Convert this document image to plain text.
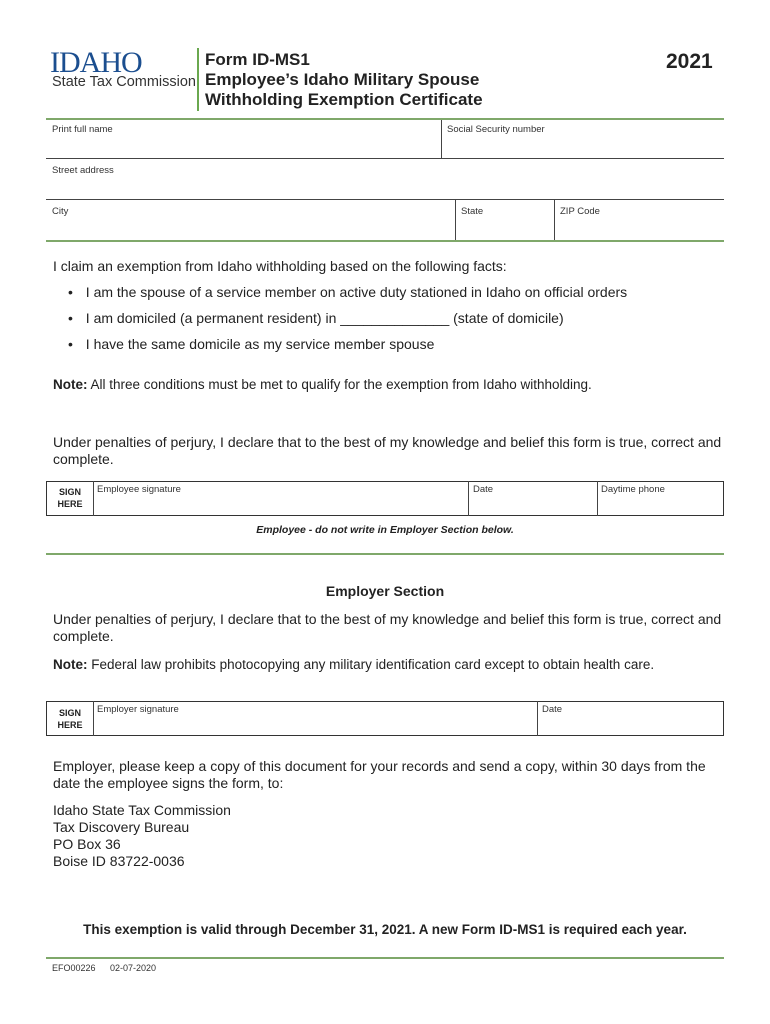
IDAHO
State Tax Commission
Form ID-MS1
Employee’s Idaho Military Spouse
Withholding Exemption Certificate
2021
Print full name	Social Security number
Street address
City	State	ZIP Code
I claim an exemption from Idaho withholding based on the following facts:
• I am the spouse of a service member on active duty stationed in Idaho on official orders
• I am domiciled (a permanent resident) in ______________ (state of domicile)
• I have the same domicile as my service member spouse
Note: All three conditions must be met to qualify for the exemption from Idaho withholding.
Under penalties of perjury, I declare that to the best of my knowledge and belief this form is true, correct and
complete.
SIGN
HERE
Employee signature	Date	Daytime phone
Employee - do not write in Employer Section below.
Employer Section
Under penalties of perjury, I declare that to the best of my knowledge and belief this form is true, correct and
complete.
Note: Federal law prohibits photocopying any military identification card except to obtain health care.
SIGN
HERE
Employer signature	Date
Employer, please keep a copy of this document for your records and send a copy, within 30 days from the
date the employee signs the form, to:
Idaho State Tax Commission
Tax Discovery Bureau
PO Box 36
Boise ID 83722-0036
This exemption is valid through December 31, 2021. A new Form ID-MS1 is required each year.
EFO00226 02-07-2020
